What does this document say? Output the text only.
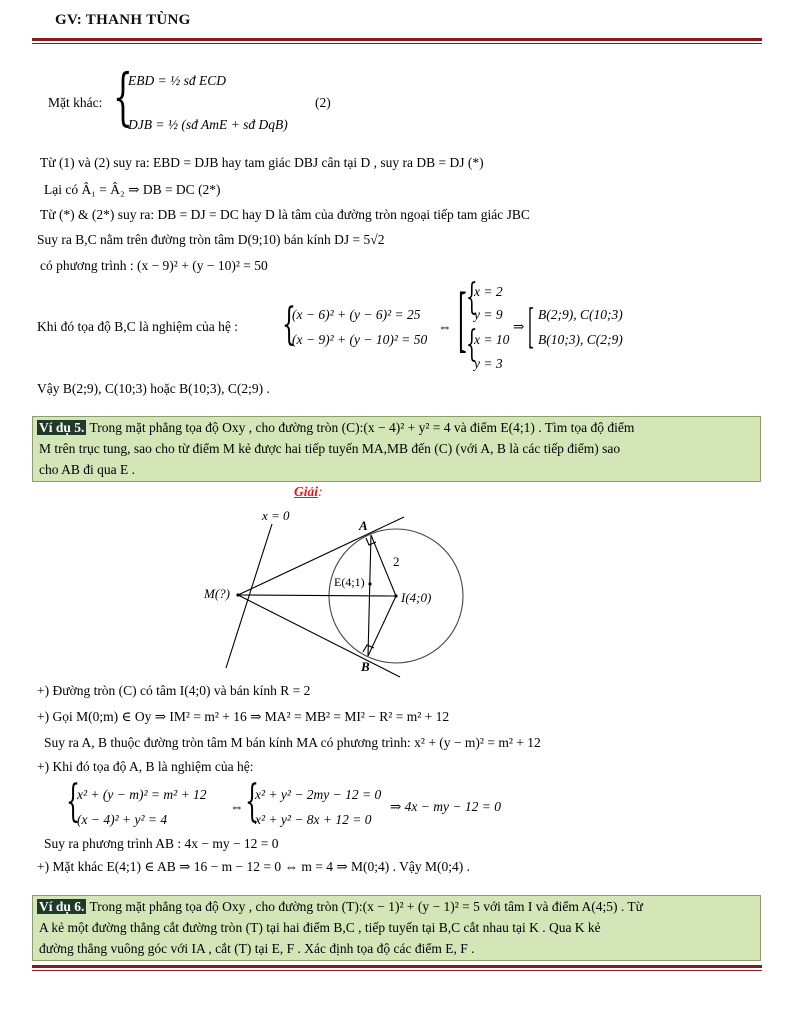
GV: THANH TÙNG
Mặt khác: {
EBD = ½ sđ ECD
DJB = ½ (sđ AmE + sđ DqB)
(2)
Từ (1) và (2) suy ra: EBD = DJB hay tam giác DBJ cân tại D , suy ra DB = DJ (*)
Lại có Â₁ = Â₂ ⇒ DB = DC (2*)
Từ (*) & (2*) suy ra: DB = DJ = DC hay D là tâm của đường tròn ngoại tiếp tam giác JBC
Suy ra B,C nằm trên đường tròn tâm D(9;10) bán kính DJ = 5√2
có phương trình : (x − 9)² + (y − 10)² = 50
Khi đó tọa độ B,C là nghiệm của hệ : {
(x − 6)² + (y − 6)² = 25
(x − 9)² + (y − 10)² = 50
⇔ [ {
x = 2
y = 9
{
x = 10
y = 3
⇒ [ B(2;9), C(10;3)
B(10;3), C(2;9)
Vậy B(2;9), C(10;3) hoặc B(10;3), C(2;9) .
Ví dụ 5. Trong mặt phẳng tọa độ Oxy , cho đường tròn (C):(x − 4)² + y² = 4 và điểm E(4;1) . Tìm tọa độ điểm
M trên trục tung, sao cho từ điểm M kẻ được hai tiếp tuyến MA,MB đến (C) (với A, B là các tiếp điểm) sao
cho AB đi qua E .
Giải:
x = 0
A
B
M(?)
E(4;1)
I(4;0)
2
+) Đường tròn (C) có tâm I(4;0) và bán kính R = 2
+) Gọi M(0;m) ∈ Oy ⇒ IM² = m² + 16 ⇒ MA² = MB² = MI² − R² = m² + 12
Suy ra A, B thuộc đường tròn tâm M bán kính MA có phương trình: x² + (y − m)² = m² + 12
+) Khi đó tọa độ A, B là nghiệm của hệ:
{
x² + (y − m)² = m² + 12
(x − 4)² + y² = 4
⇔ {
x² + y² − 2my − 12 = 0
x² + y² − 8x + 12 = 0
⇒ 4x − my − 12 = 0
Suy ra phương trình AB : 4x − my − 12 = 0
+) Mặt khác E(4;1) ∈ AB ⇒ 16 − m − 12 = 0 ⇔ m = 4 ⇒ M(0;4) . Vậy M(0;4) .
Ví dụ 6. Trong mặt phẳng tọa độ Oxy , cho đường tròn (T):(x − 1)² + (y − 1)² = 5 với tâm I và điểm A(4;5) . Từ
A kẻ một đường thẳng cắt đường tròn (T) tại hai điểm B,C , tiếp tuyến tại B,C cắt nhau tại K . Qua K kẻ
đường thẳng vuông góc với IA , cắt (T) tại E, F . Xác định tọa độ các điểm E, F .
